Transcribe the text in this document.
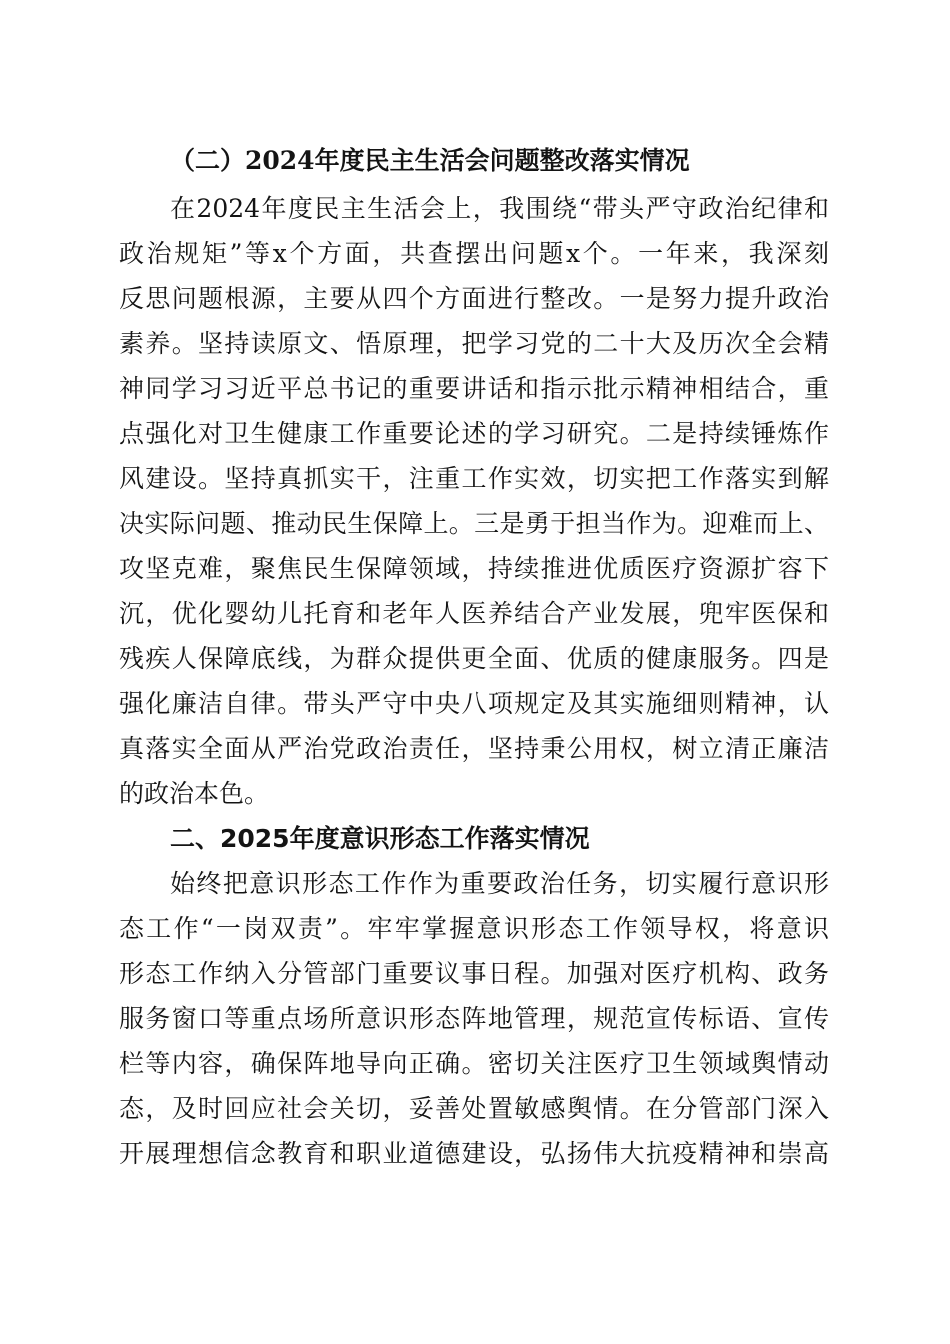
（二）2024年度民主生活会问题整改落实情况
在2024年度民主生活会上，我围绕“带头严守政治纪律和
政治规矩”等x个方面，共查摆出问题x个。一年来，我深刻
反思问题根源，主要从四个方面进行整改。一是努力提升政治
素养。坚持读原文、悟原理，把学习党的二十大及历次全会精
神同学习习近平总书记的重要讲话和指示批示精神相结合，重
点强化对卫生健康工作重要论述的学习研究。二是持续锤炼作
风建设。坚持真抓实干，注重工作实效，切实把工作落实到解
决实际问题、推动民生保障上。三是勇于担当作为。迎难而上、
攻坚克难，聚焦民生保障领域，持续推进优质医疗资源扩容下
沉，优化婴幼儿托育和老年人医养结合产业发展，兜牢医保和
残疾人保障底线，为群众提供更全面、优质的健康服务。四是
强化廉洁自律。带头严守中央八项规定及其实施细则精神，认
真落实全面从严治党政治责任，坚持秉公用权，树立清正廉洁
的政治本色。
二、2025年度意识形态工作落实情况
始终把意识形态工作作为重要政治任务，切实履行意识形
态工作“一岗双责”。牢牢掌握意识形态工作领导权，将意识
形态工作纳入分管部门重要议事日程。加强对医疗机构、政务
服务窗口等重点场所意识形态阵地管理，规范宣传标语、宣传
栏等内容，确保阵地导向正确。密切关注医疗卫生领域舆情动
态，及时回应社会关切，妥善处置敏感舆情。在分管部门深入
开展理想信念教育和职业道德建设，弘扬伟大抗疫精神和崇高
